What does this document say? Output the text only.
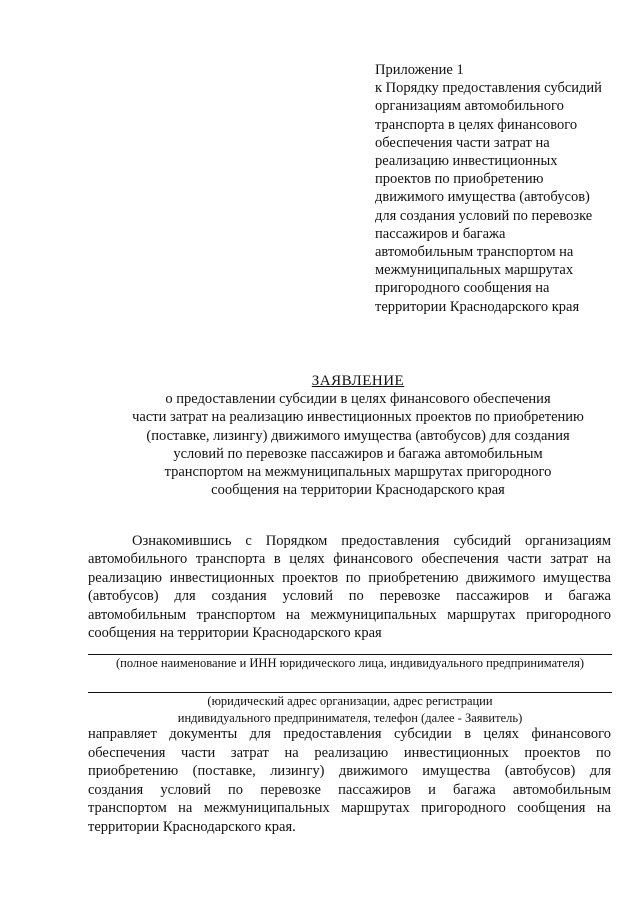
Приложение 1
к Порядку предоставления субсидий
организациям автомобильного
транспорта в целях финансового
обеспечения части затрат на
реализацию инвестиционных
проектов по приобретению
движимого имущества (автобусов)
для создания условий по перевозке
пассажиров и багажа
автомобильным транспортом на
межмуниципальных маршрутах
пригородного сообщения на
территории Краснодарского края
ЗАЯВЛЕНИЕ
о предоставлении субсидии в целях финансового обеспечения
части затрат на реализацию инвестиционных проектов по приобретению
(поставке, лизингу) движимого имущества (автобусов) для создания
условий по перевозке пассажиров и багажа автомобильным
транспортом на межмуниципальных маршрутах пригородного
сообщения на территории Краснодарского края
Ознакомившись с Порядком предоставления субсидий организациям
автомобильного транспорта в целях финансового обеспечения части затрат на
реализацию инвестиционных проектов по приобретению движимого имущества
(автобусов) для создания условий по перевозке пассажиров и багажа
автомобильным транспортом на межмуниципальных маршрутах пригородного
сообщения на территории Краснодарского края
(полное наименование и ИНН юридического лица, индивидуального предпринимателя)
(юридический адрес организации, адрес регистрации
индивидуального предпринимателя, телефон (далее - Заявитель)
направляет документы для предоставления субсидии в целях финансового
обеспечения части затрат на реализацию инвестиционных проектов по
приобретению (поставке, лизингу) движимого имущества (автобусов) для
создания условий по перевозке пассажиров и багажа автомобильным
транспортом на межмуниципальных маршрутах пригородного сообщения на
территории Краснодарского края.
